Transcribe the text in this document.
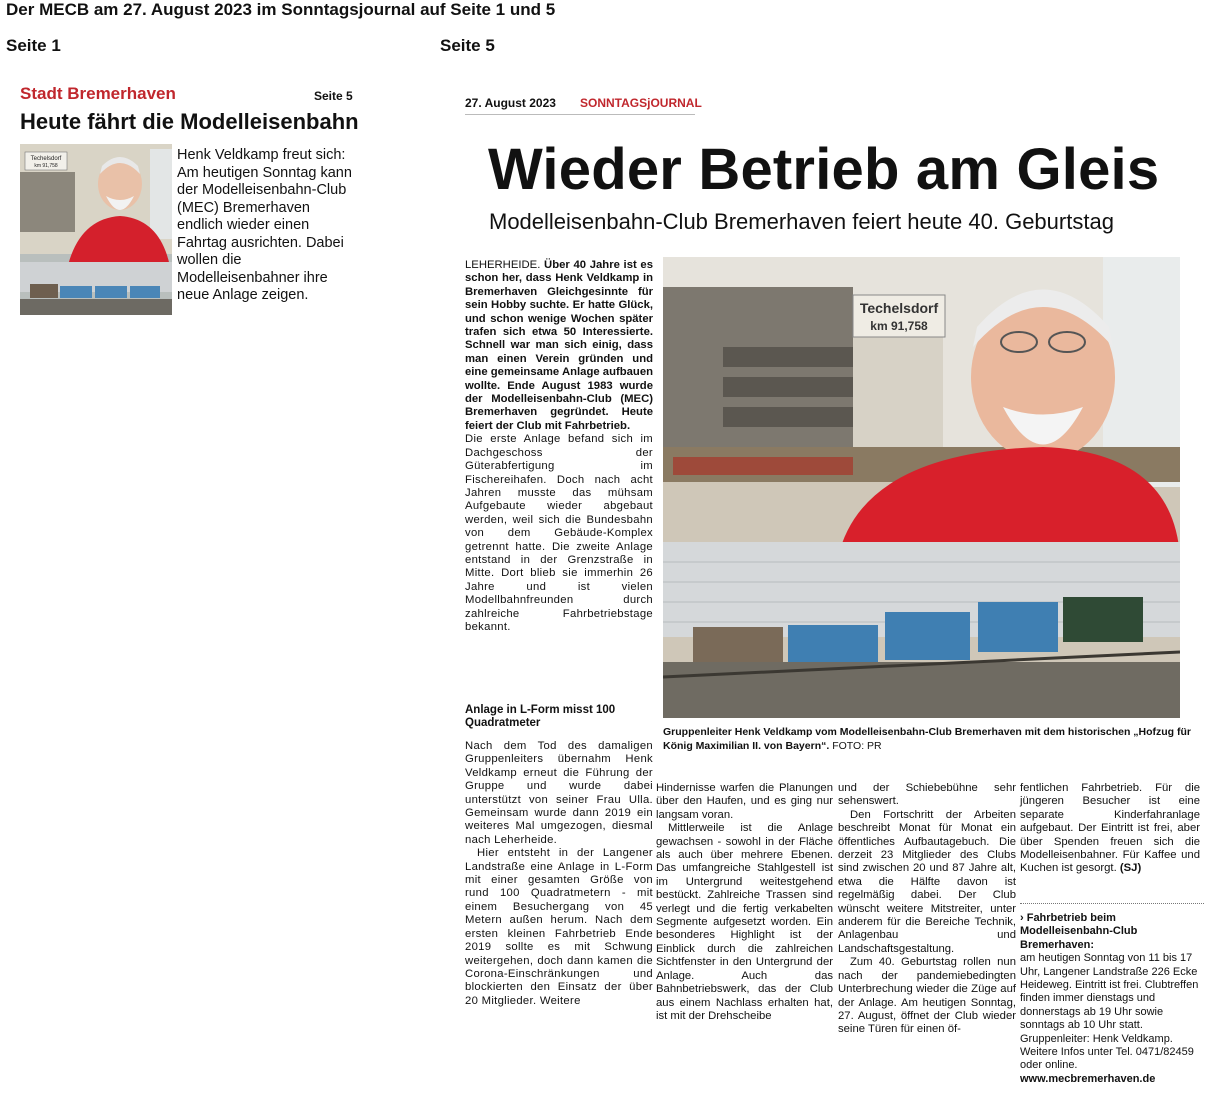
Der MECB am 27. August 2023 im Sonntagsjournal auf Seite 1 und 5
Seite 1	Seite 5
Stadt Bremerhaven	Seite 5
Heute fährt die Modelleisenbahn
Techelsdorf
km 91,758
Henk Veldkamp freut sich: Am heutigen Sonntag kann der Modelleisenbahn-Club (MEC) Bremerhaven endlich wieder einen Fahrtag ausrichten. Dabei wollen die Modelleisenbahner ihre neue Anlage zeigen.
27. August 2023 SONNTAGSjOURNAL
Wieder Betrieb am Gleis
Modelleisenbahn-Club Bremerhaven feiert heute 40. Geburtstag
Techelsdorf
km 91,758
Gruppenleiter Henk Veldkamp vom Modelleisenbahn-Club Bremerhaven mit dem historischen „Hofzug für König Maximilian II. von Bayern“. FOTO: PR

LEHERHEIDE. Über 40 Jahre ist es schon her, dass Henk Veldkamp in Bremerhaven Gleichgesinnte für sein Hobby suchte. Er hatte Glück, und schon wenige Wochen später trafen sich etwa 50 Interessierte. Schnell war man sich einig, dass man einen Verein gründen und eine gemeinsame Anlage aufbauen wollte. Ende August 1983 wurde der Modelleisenbahn-Club (MEC) Bremerhaven gegründet. Heute feiert der Club mit Fahrbetrieb.

Die erste Anlage befand sich im Dachgeschoss der Güterabfertigung im Fischereihafen. Doch nach acht Jahren musste das mühsam Aufgebaute wieder abgebaut werden, weil sich die Bundesbahn von dem Gebäude-Komplex getrennt hatte. Die zweite Anlage entstand in der Grenzstraße in Mitte. Dort blieb sie immerhin 26 Jahre und ist vielen Modellbahnfreunden durch zahlreiche Fahrbetriebstage bekannt.

Anlage in L-Form misst 100 Quadratmeter

Nach dem Tod des damaligen Gruppenleiters übernahm Henk Veldkamp erneut die Führung der Gruppe und wurde dabei unterstützt von seiner Frau Ulla. Gemeinsam wurde dann 2019 ein weiteres Mal umgezogen, diesmal nach Leherheide.

Hier entsteht in der Langener Landstraße eine Anlage in L-Form mit einer gesamten Größe von rund 100 Quadratmetern - mit einem Besuchergang von 45 Metern außen herum. Nach dem ersten kleinen Fahrbetrieb Ende 2019 sollte es mit Schwung weitergehen, doch dann kamen die Corona-Einschränkungen und blockierten den Einsatz der über 20 Mitglieder. Weitere

Hindernisse warfen die Planungen über den Haufen, und es ging nur langsam voran.

Mittlerweile ist die Anlage gewachsen - sowohl in der Fläche als auch über mehrere Ebenen. Das umfangreiche Stahlgestell ist im Untergrund weitestgehend bestückt. Zahlreiche Trassen sind verlegt und die fertig verkabelten Segmente aufgesetzt worden. Ein besonderes Highlight ist der Einblick durch die zahlreichen Sichtfenster in den Untergrund der Anlage. Auch das Bahnbetriebswerk, das der Club aus einem Nachlass erhalten hat, ist mit der Drehscheibe

und der Schiebebühne sehr sehenswert.

Den Fortschritt der Arbeiten beschreibt Monat für Monat ein öffentliches Aufbautagebuch. Die derzeit 23 Mitglieder des Clubs sind zwischen 20 und 87 Jahre alt, etwa die Hälfte davon ist regelmäßig dabei. Der Club wünscht weitere Mitstreiter, unter anderem für die Bereiche Technik, Anlagenbau und Landschaftsgestaltung.

Zum 40. Geburtstag rollen nun nach der pandemiebedingten Unterbrechung wieder die Züge auf der Anlage. Am heutigen Sonntag, 27. August, öffnet der Club wieder seine Türen für einen öf-

fentlichen Fahrbetrieb. Für die jüngeren Besucher ist eine separate Kinderfahranlage aufgebaut. Der Eintritt ist frei, aber über Spenden freuen sich die Modelleisenbahner. Für Kaffee und Kuchen ist gesorgt. (SJ)

› Fahrbetrieb beim Modelleisenbahn-Club Bremerhaven:
am heutigen Sonntag von 11 bis 17 Uhr, Langener Landstraße 226 Ecke Heideweg. Eintritt ist frei. Clubtreffen finden immer dienstags und donnerstags ab 19 Uhr sowie sonntags ab 10 Uhr statt. Gruppenleiter: Henk Veldkamp. Weitere Infos unter Tel. 0471/82459 oder online. www.mecbremerhaven.de
